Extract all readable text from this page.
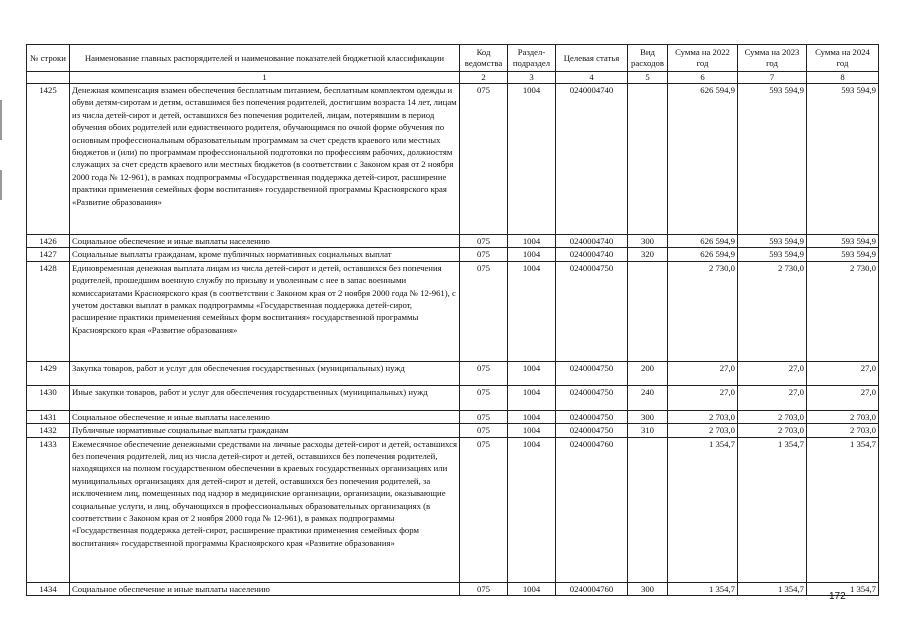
№ строки	Наименование главных распорядителей и наименование показателей бюджетной классификации	Код ведомства	Раздел-подраздел	Целевая статья	Вид расходов	Сумма на 2022 год	Сумма на 2023 год	Сумма на 2024 год
	1	2	3	4	5	6	7	8
1425	Денежная компенсация взамен обеспечения бесплатным питанием, бесплатным комплектом одежды и обуви детям-сиротам и детям, оставшимся без попечения родителей, достигшим возраста 14 лет, лицам из числа детей-сирот и детей, оставшихся без попечения родителей, лицам, потерявшим в период обучения обоих родителей или единственного родителя, обучающимся по очной форме обучения по основным профессиональным образовательным программам за счет средств краевого или местных бюджетов и (или) по программам профессиональной подготовки по профессиям рабочих, должностям служащих за счет средств краевого или местных бюджетов (в соответствии с Законом края от 2 ноября 2000 года № 12-961), в рамках подпрограммы «Государственная поддержка детей-сирот, расширение практики применения семейных форм воспитания» государственной программы Красноярского края «Развитие образования»	075	1004	0240004740		626 594,9	593 594,9	593 594,9
1426	Социальное обеспечение и иные выплаты населению	075	1004	0240004740	300	626 594,9	593 594,9	593 594,9
1427	Социальные выплаты гражданам, кроме публичных нормативных социальных выплат	075	1004	0240004740	320	626 594,9	593 594,9	593 594,9
1428	Единовременная денежная выплата лицам из числа детей-сирот и детей, оставшихся без попечения родителей, прошедшим военную службу по призыву и уволенным с нее в запас военными комиссариатами Красноярского края (в соответствии с Законом края от 2 ноября 2000 года № 12-961), с учетом доставки выплат в рамках подпрограммы «Государственная поддержка детей-сирот, расширение практики применения семейных форм воспитания» государственной программы Красноярского края «Развитие образования»	075	1004	0240004750		2 730,0	2 730,0	2 730,0
1429	Закупка товаров, работ и услуг для обеспечения государственных (муниципальных) нужд	075	1004	0240004750	200	27,0	27,0	27,0
1430	Иные закупки товаров, работ и услуг для обеспечения государственных (муниципальных) нужд	075	1004	0240004750	240	27,0	27,0	27,0
1431	Социальное обеспечение и иные выплаты населению	075	1004	0240004750	300	2 703,0	2 703,0	2 703,0
1432	Публичные нормативные социальные выплаты гражданам	075	1004	0240004750	310	2 703,0	2 703,0	2 703,0
1433	Ежемесячное обеспечение денежными средствами на личные расходы детей-сирот и детей, оставшихся без попечения родителей, лиц из числа детей-сирот и детей, оставшихся без попечения родителей, находящихся на полном государственном обеспечении в краевых государственных организациях или муниципальных организациях для детей-сирот и детей, оставшихся без попечения родителей, за исключением лиц, помещенных под надзор в медицинские организации, организации, оказывающие социальные услуги, и лиц, обучающихся в профессиональных образовательных организациях (в соответствии с Законом края от 2 ноября 2000 года № 12-961), в рамках подпрограммы «Государственная поддержка детей-сирот, расширение практики применения семейных форм воспитания» государственной программы Красноярского края «Развитие образования»	075	1004	0240004760		1 354,7	1 354,7	1 354,7
1434	Социальное обеспечение и иные выплаты населению	075	1004	0240004760	300	1 354,7	1 354,7	1 354,7
172
